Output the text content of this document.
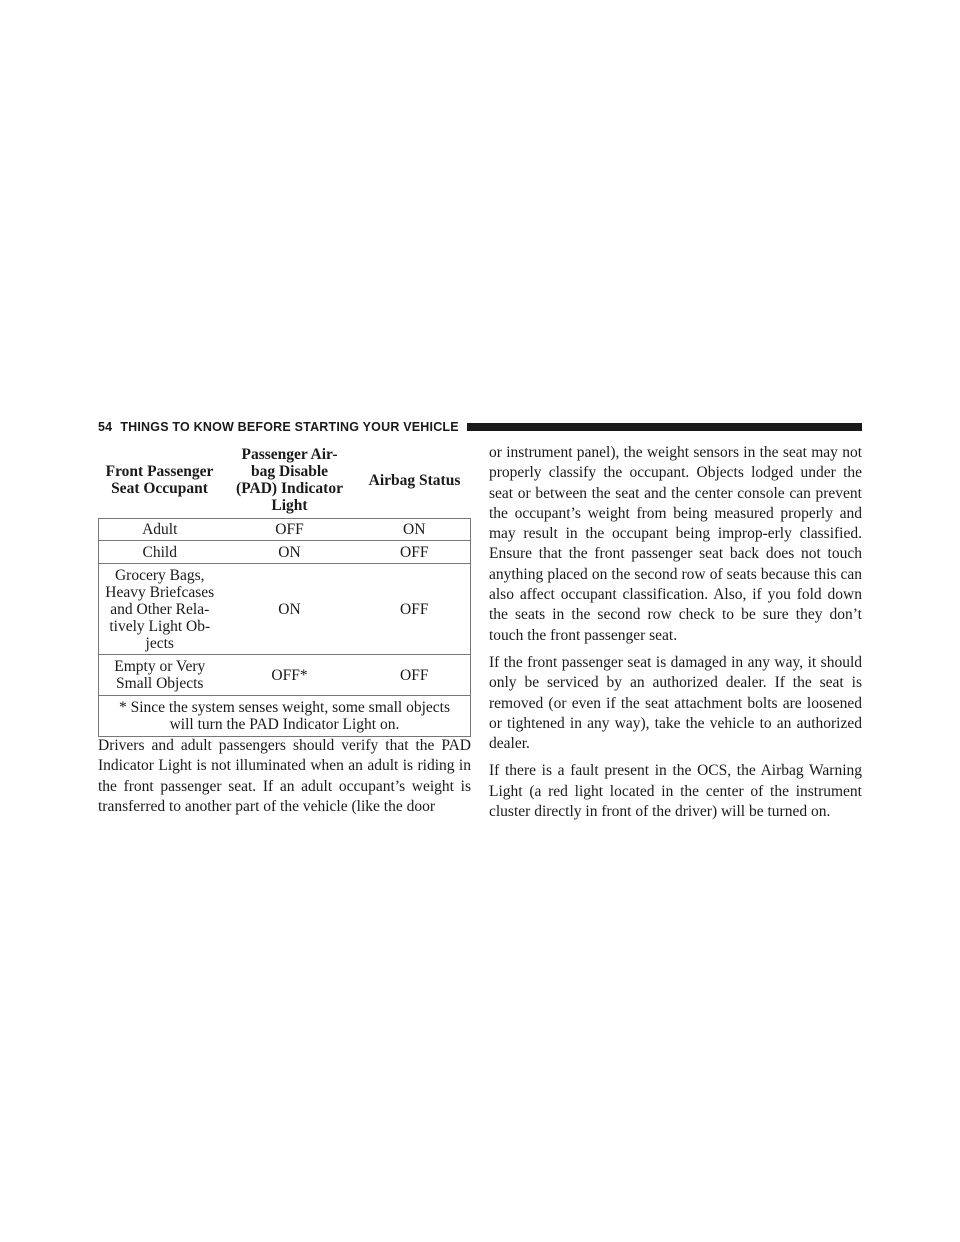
54 THINGS TO KNOW BEFORE STARTING YOUR VEHICLE
Front Passenger
Seat Occupant	Passenger Air-
bag Disable
(PAD) Indicator
Light	Airbag Status
Adult	OFF	ON
Child	ON	OFF
Grocery Bags,
Heavy Briefcases
and Other Rela-
tively Light Ob-
jects	ON	OFF
Empty or Very
Small Objects	OFF*	OFF
* Since the system senses weight, some small objects
will turn the PAD Indicator Light on.		

Drivers and adult passengers should verify that the PAD Indicator Light is not illuminated when an adult is riding in the front passenger seat. If an adult occupant’s weight is transferred to another part of the vehicle (like the door

or instrument panel), the weight sensors in the seat may not properly classify the occupant. Objects lodged under the seat or between the seat and the center console can prevent the occupant’s weight from being measured properly and may result in the occupant being improp-erly classified. Ensure that the front passenger seat back does not touch anything placed on the second row of seats because this can also affect occupant classification. Also, if you fold down the seats in the second row check to be sure they don’t touch the front passenger seat.

If the front passenger seat is damaged in any way, it should only be serviced by an authorized dealer. If the seat is removed (or even if the seat attachment bolts are loosened or tightened in any way), take the vehicle to an authorized dealer.

If there is a fault present in the OCS, the Airbag Warning Light (a red light located in the center of the instrument cluster directly in front of the driver) will be turned on.
